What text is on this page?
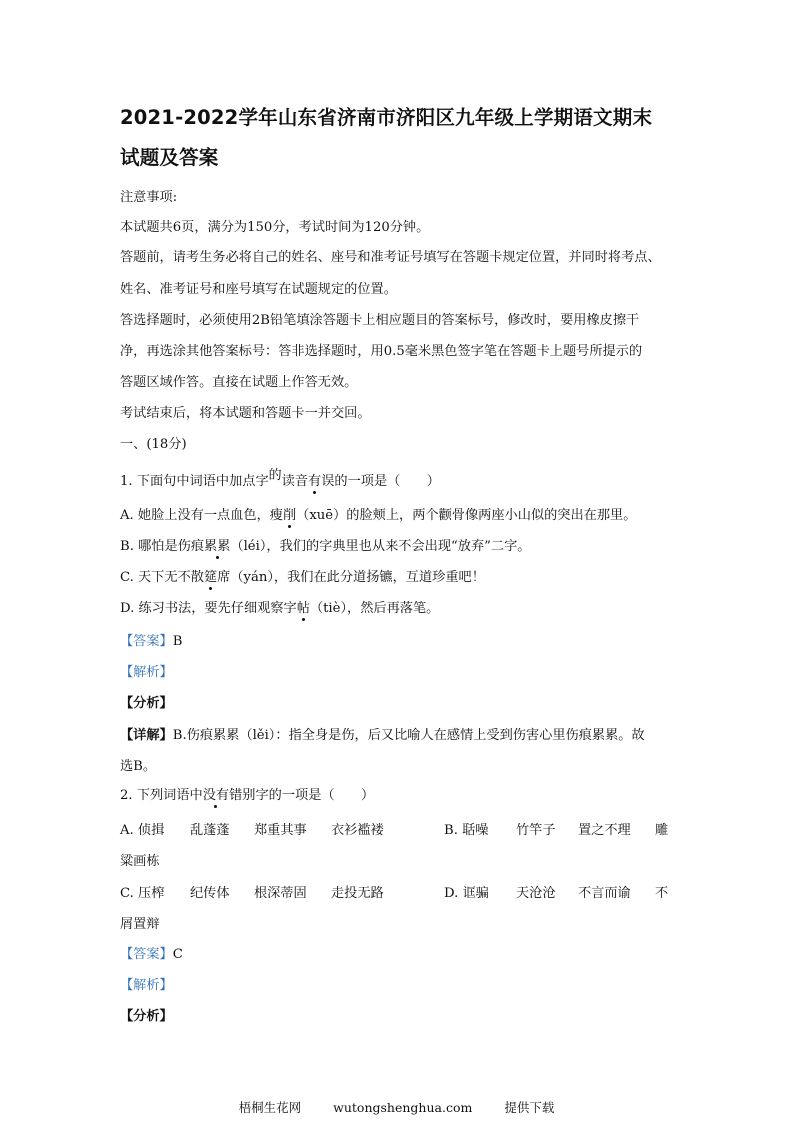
2021-2022学年山东省济南市济阳区九年级上学期语文期末
试题及答案
注意事项:
本试题共6页，满分为150分，考试时间为120分钟。
答题前，请考生务必将自己的姓名、座号和准考证号填写在答题卡规定位置，并同时将考点、
姓名、准考证号和座号填写在试题规定的位置。
答选择题时，必须使用2B铅笔填涂答题卡上相应题目的答案标号，修改时，要用橡皮擦干
净，再选涂其他答案标号：答非选择题时，用0.5毫米黑色签字笔在答题卡上题号所提示的
答题区域作答。直接在试题上作答无效。
考试结束后，将本试题和答题卡一并交回。
一、(18分)
1. 下面句中词语中加点字的读音有误的一项是（　　）
A. 她脸上没有一点血色，瘦削（xuē）的脸颊上，两个颧骨像两座小山似的突出在那里。
B. 哪怕是伤痕累累（léi），我们的字典里也从来不会出现“放弃”二字。
C. 天下无不散筵席（yán），我们在此分道扬镳，互道珍重吧！
D. 练习书法，要先仔细观察字帖（tiè），然后再落笔。
【答案】B
【解析】
【分析】
【详解】B.伤痕累累（lěi）：指全身是伤，后又比喻人在感情上受到伤害心里伤痕累累。故
选B。
2. 下列词语中没有错别字的一项是（　　）
A. 侦揖 乱蓬蓬 郑重其事 衣衫褴褛	B. 聒噪 竹竿子 置之不理 雕
粱画栋
C. 压榨 纪传体 根深蒂固 走投无路	D. 诓骗 天沧沧 不言而谕 不
屑置辩
【答案】C
【解析】
【分析】
梧桐生花网	wutongshenghua.com	提供下载
